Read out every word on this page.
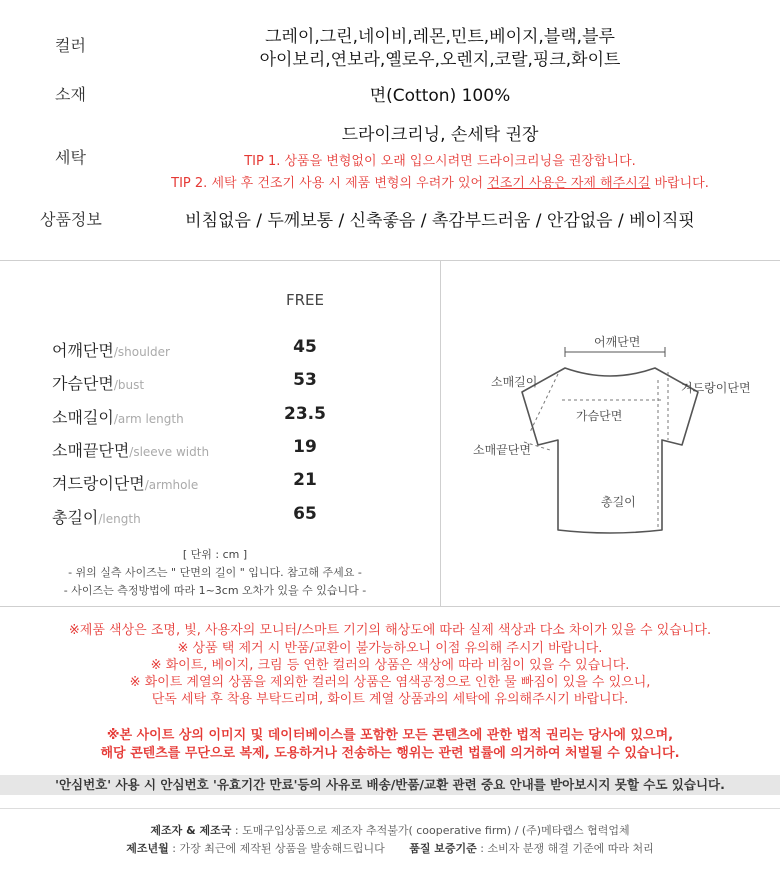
컬러	그레이,그린,네이비,레몬,민트,베이지,블랙,블루
아이보리,연보라,옐로우,오렌지,코랄,핑크,화이트
소재	면(Cotton) 100%
세탁
드라이크리닝, 손세탁 권장
TIP 1. 상품을 변형없이 오래 입으시려면 드라이크리닝을 권장합니다.
TIP 2. 세탁 후 건조기 사용 시 제품 변형의 우려가 있어 건조기 사용은 자제 해주시길 바랍니다.
상품정보	비침없음 / 두께보통 / 신축좋음 / 촉감부드러움 / 안감없음 / 베이직핏
FREE
어깨단면/shoulder	45
가슴단면/bust	53
소매길이/arm length	23.5
소매끝단면/sleeve width	19
겨드랑이단면/armhole	21
총길이/length	65
[ 단위 : cm ]
- 위의 실측 사이즈는 " 단면의 길이 " 입니다. 참고해 주세요 -
- 사이즈는 측정방법에 따라 1~3cm 오차가 있을 수 있습니다 -
어깨단면
소매길이	겨드랑이단면
가슴단면
소매끝단면
총길이
※제품 색상은 조명, 빛, 사용자의 모니터/스마트 기기의 해상도에 따라 실제 색상과 다소 차이가 있을 수 있습니다.
※ 상품 택 제거 시 반품/교환이 불가능하오니 이점 유의해 주시기 바랍니다.
※ 화이트, 베이지, 크림 등 연한 컬러의 상품은 색상에 따라 비침이 있을 수 있습니다.
※ 화이트 계열의 상품을 제외한 컬러의 상품은 염색공정으로 인한 물 빠짐이 있을 수 있으니,
단독 세탁 후 착용 부탁드리며, 화이트 계열 상품과의 세탁에 유의해주시기 바랍니다.
※본 사이트 상의 이미지 및 데이터베이스를 포함한 모든 콘텐츠에 관한 법적 권리는 당사에 있으며,
해당 콘텐츠를 무단으로 복제, 도용하거나 전송하는 행위는 관련 법률에 의거하여 처벌될 수 있습니다.
'안심번호' 사용 시 안심번호 '유효기간 만료'등의 사유로 배송/반품/교환 관련 중요 안내를 받아보시지 못할 수도 있습니다.
제조자 & 제조국 : 도매구입상품으로 제조자 추적불가( cooperative firm) / (주)메타랩스 협력업체
제조년월 : 가장 최근에 제작된 상품을 발송해드립니다 품질 보증기준 : 소비자 분쟁 해결 기준에 따라 처리
